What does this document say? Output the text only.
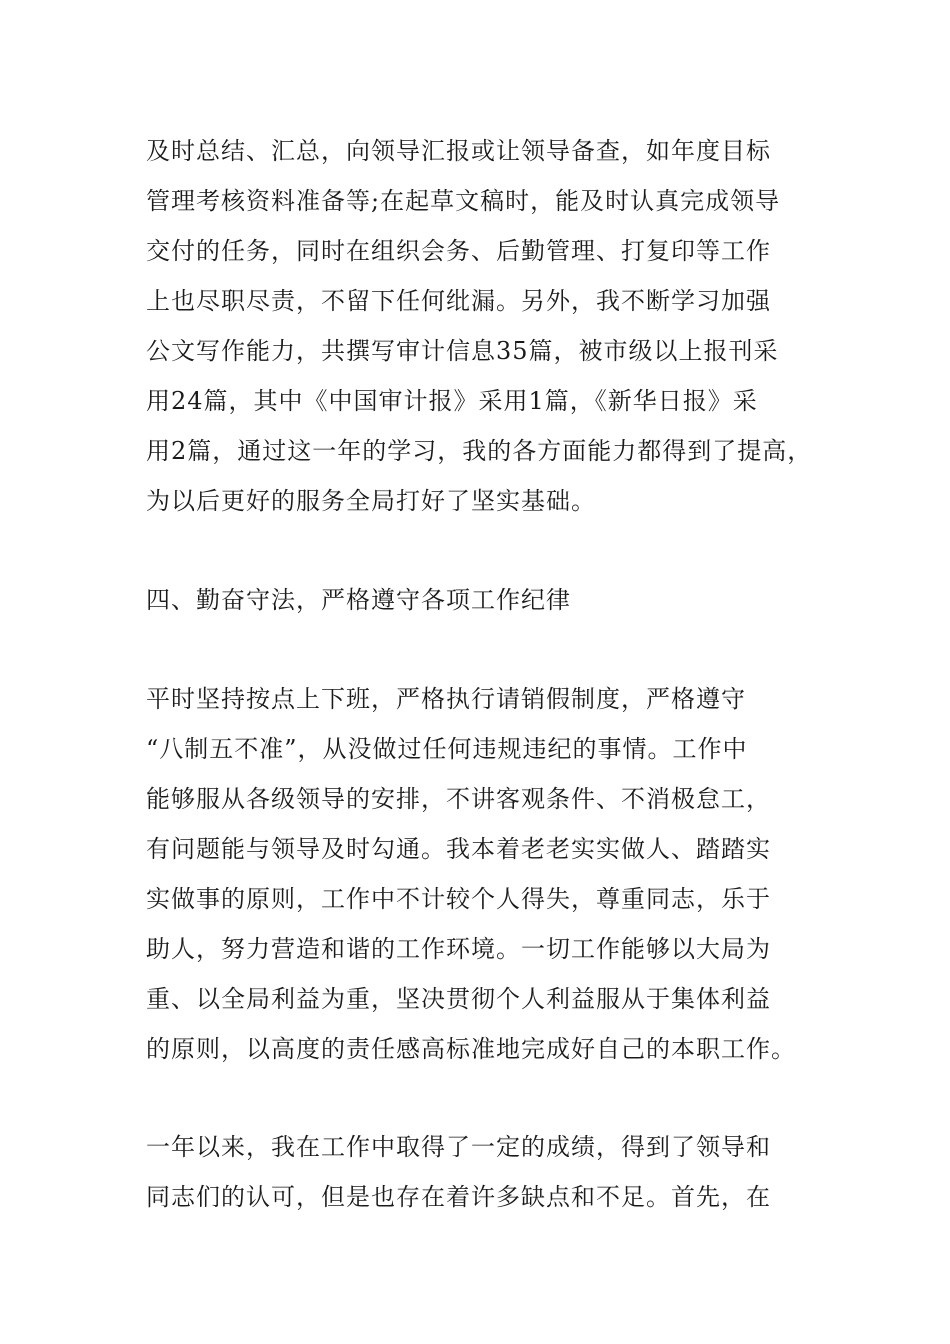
及时总结、汇总，向领导汇报或让领导备查，如年度目标
管理考核资料准备等;在起草文稿时，能及时认真完成领导
交付的任务，同时在组织会务、后勤管理、打复印等工作
上也尽职尽责，不留下任何纰漏。另外，我不断学习加强
公文写作能力，共撰写审计信息35篇，被市级以上报刊采
用24篇，其中《中国审计报》采用1篇，《新华日报》采
用2篇，通过这一年的学习，我的各方面能力都得到了提高，
为以后更好的服务全局打好了坚实基础。
四、勤奋守法，严格遵守各项工作纪律
平时坚持按点上下班，严格执行请销假制度，严格遵守
“八制五不准”，从没做过任何违规违纪的事情。工作中
能够服从各级领导的安排，不讲客观条件、不消极怠工，
有问题能与领导及时勾通。我本着老老实实做人、踏踏实
实做事的原则，工作中不计较个人得失，尊重同志，乐于
助人，努力营造和谐的工作环境。一切工作能够以大局为
重、以全局利益为重，坚决贯彻个人利益服从于集体利益
的原则，以高度的责任感高标准地完成好自己的本职工作。
一年以来，我在工作中取得了一定的成绩，得到了领导和
同志们的认可，但是也存在着许多缺点和不足。首先，在
